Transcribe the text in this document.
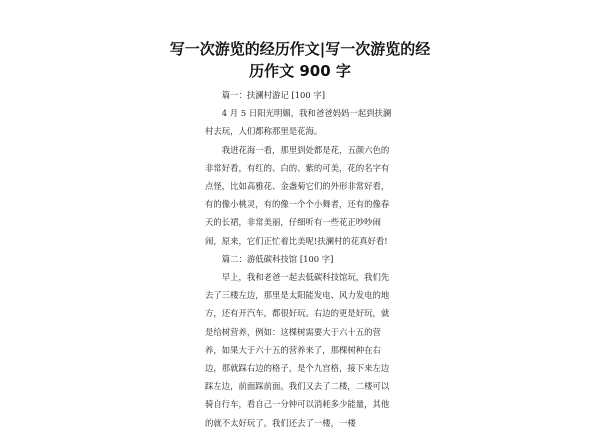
写一次游览的经历作文|写一次游览的经
历作文 900 字

篇一：扶澜村游记 [100 字]

4 月 5 日阳光明媚，我和爸爸妈妈一起到扶澜村去玩，人们都称那里是花海。

我进花海一看，那里到处都是花，五颜六色的非常好看，有红的、白的、紫的可美，花的名字有点怪，比如高雅花、金盏菊它们的外形非常好看，有的像小桃灵，有的像一个个小舞者，还有的像春天的长裙，非常美丽，仔细听有一些花正吵吵闹闹，原来，它们正忙着比美呢!扶澜村的花真好看!

篇二：游低碳科技馆 [100 字]

早上，我和老爸一起去低碳科技馆玩，我们先去了三楼左边，那里是太阳能发电、风力发电的地方，还有开汽车，都很好玩。右边的更是好玩，就是给树营养，例如：这棵树需要大于六十五的营养，如果大于六十五的营养来了，那棵树种在右边，那就踩右边的格子，是个九宫格，接下来左边踩左边，前面踩前面。我们又去了二楼，二楼可以骑自行车，看自己一分钟可以消耗多少能量，其他的就不太好玩了。我们还去了一楼，一楼
